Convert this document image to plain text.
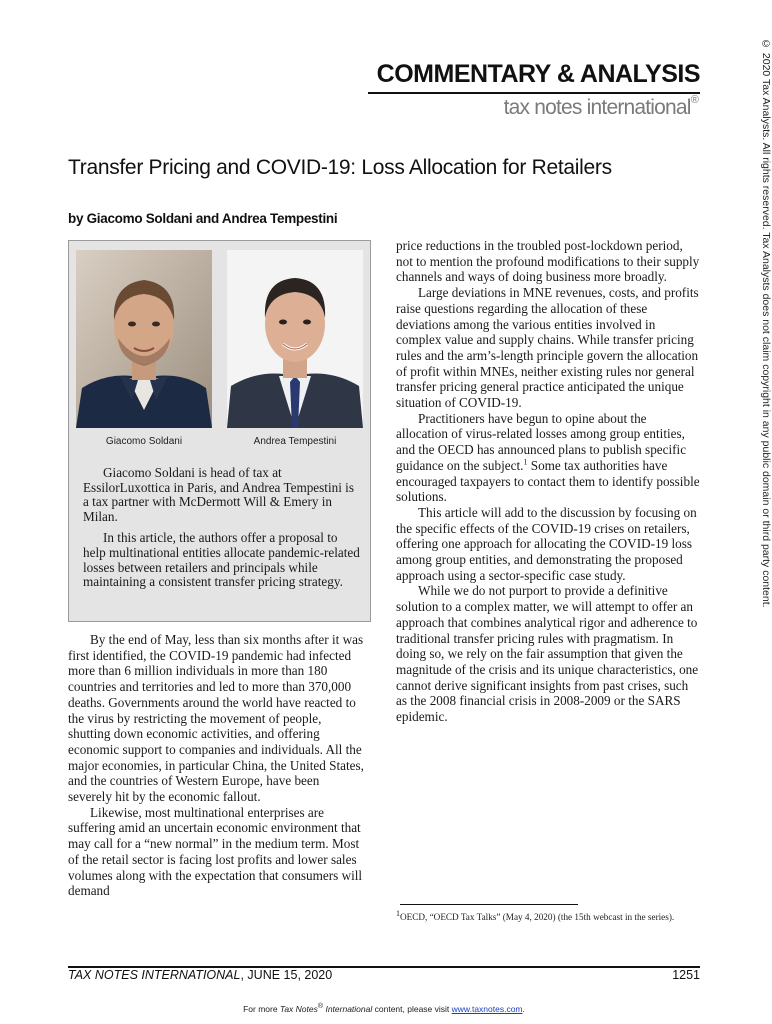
COMMENTARY & ANALYSIS
tax notes international®	© 2020 Tax Analysts. All rights reserved. Tax Analysts does not claim copyright in any public domain or third party content.
Transfer Pricing and COVID-19: Loss Allocation for Retailers
by Giacomo Soldani and Andrea Tempestini
Giacomo Soldani	Andrea Tempestini

Giacomo Soldani is head of tax at EssilorLuxottica in Paris, and Andrea Tempestini is a tax partner with McDermott Will & Emery in Milan.

In this article, the authors offer a proposal to help multinational entities allocate pandemic-related losses between retailers and principals while maintaining a consistent transfer pricing strategy.

By the end of May, less than six months after it was first identified, the COVID-19 pandemic had infected more than 6 million individuals in more than 180 countries and territories and led to more than 370,000 deaths. Governments around the world have reacted to the virus by restricting the movement of people, shutting down economic activities, and offering economic support to companies and individuals. All the major economies, in particular China, the United States, and the countries of Western Europe, have been severely hit by the economic fallout.

Likewise, most multinational enterprises are suffering amid an uncertain economic environment that may call for a “new normal” in the medium term. Most of the retail sector is facing lost profits and lower sales volumes along with the expectation that consumers will demand

price reductions in the troubled post-lockdown period, not to mention the profound modifications to their supply channels and ways of doing business more broadly.

Large deviations in MNE revenues, costs, and profits raise questions regarding the allocation of these deviations among the various entities involved in complex value and supply chains. While transfer pricing rules and the arm’s-length principle govern the allocation of profit within MNEs, neither existing rules nor general transfer pricing general practice anticipated the unique situation of COVID-19.

Practitioners have begun to opine about the allocation of virus-related losses among group entities, and the OECD has announced plans to publish specific guidance on the subject.$^1$ Some tax authorities have encouraged taxpayers to contact them to identify possible solutions.

This article will add to the discussion by focusing on the specific effects of the COVID-19 crises on retailers, offering one approach for allocating the COVID-19 loss among group entities, and demonstrating the proposed approach using a sector-specific case study.

While we do not purport to provide a definitive solution to a complex matter, we will attempt to offer an approach that combines analytical rigor and adherence to traditional transfer pricing rules with pragmatism. In doing so, we rely on the fair assumption that given the magnitude of the crisis and its unique characteristics, one cannot derive significant insights from past crises, such as the 2008 financial crisis in 2008-2009 or the SARS epidemic.

$^1$OECD, “OECD Tax Talks” (May 4, 2020) (the 15th webcast in the series).
TAX NOTES INTERNATIONAL, JUNE 15, 2020	1251
For more Tax Notes® International content, please visit www.taxnotes.com.
